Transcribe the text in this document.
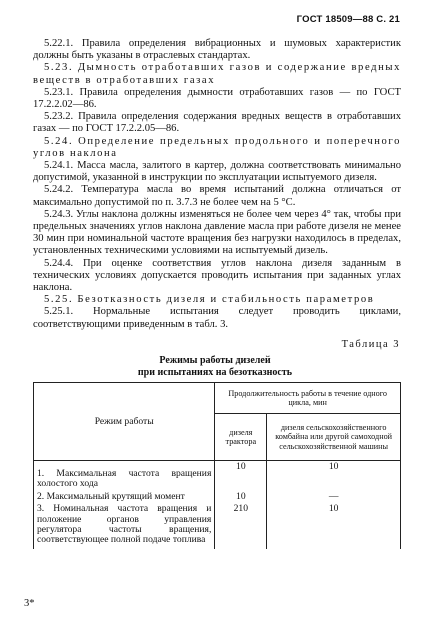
ГОСТ 18509—88 С. 21

5.22.1. Правила определения вибрационных и шумовых характеристик должны быть указаны в отраслевых стандартах.

5.23. Дымность отработавших газов и содержание вредных веществ в отработавших газах

5.23.1. Правила определения дымности отработавших газов — по ГОСТ 17.2.2.02—86.

5.23.2. Правила определения содержания вредных веществ в отработавших газах — по ГОСТ 17.2.2.05—86.

5.24. Определение предельных продольного и поперечного углов наклона

5.24.1. Масса масла, залитого в картер, должна соответствовать минимально допустимой, указанной в инструкции по эксплуатации испытуемого дизеля.

5.24.2. Температура масла во время испытаний должна отличаться от максимально допустимой по п. 3.7.3 не более чем на 5 °С.

5.24.3. Углы наклона должны изменяться не более чем через 4° так, чтобы при предельных значениях углов наклона давление масла при работе дизеля не менее 30 мин при номинальной частоте вращения без нагрузки находилось в пределах, установленных техническими условиями на испытуемый дизель.

5.24.4. При оценке соответствия углов наклона дизеля заданным в технических условиях допускается проводить испытания при заданных углах наклона.

5.25. Безотказность дизеля и стабильность параметров

5.25.1. Нормальные испытания следует проводить циклами, соответствующими приведенным в табл. 3.

Таблица 3
Режимы работы дизелей
при испытаниях на безотказность
Режим работы	Продолжительность работы в течение одного цикла, мин	
	дизеля трактора	дизеля сельскохозяйственного комбайна или другой самоходной сельскохозяйственной машины
1. Максимальная частота вращения холостого хода	10	10
2. Максимальный крутящий момент	10	—
3. Номинальная частота вращения и положение органов управления регулятора частоты вращения, соответствующее полной подаче топлива	210	10
3*
